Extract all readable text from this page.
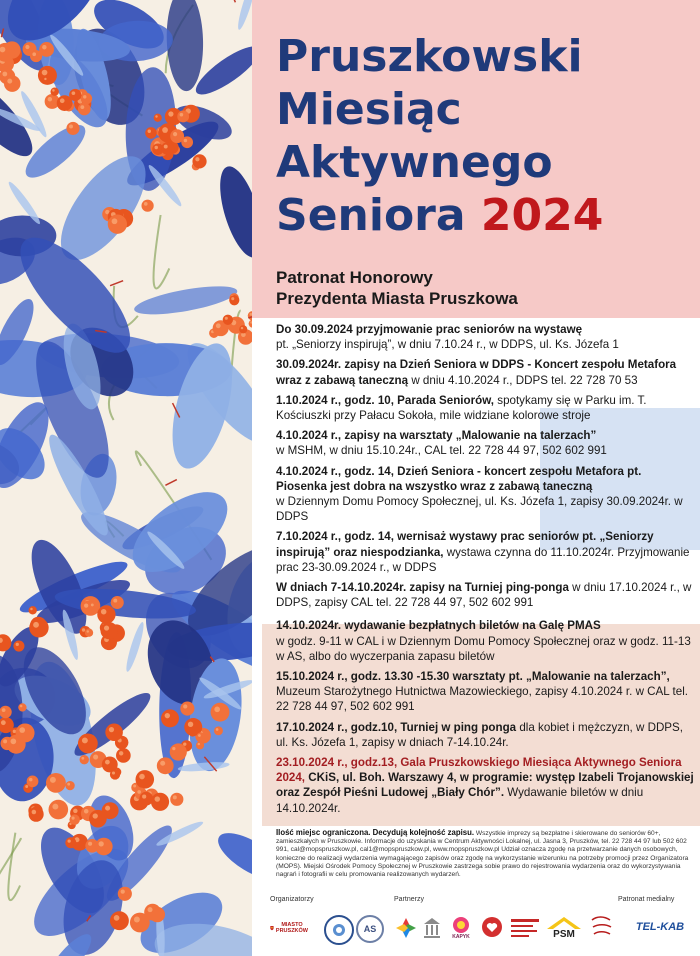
Pruszkowski
Miesiąc
Aktywnego
Seniora 2024
Patronat Honorowy
Prezydenta Miasta Pruszkowa

Do 30.09.2024 przyjmowanie prac seniorów na wystawę
pt. „Seniorzy inspirują”, w dniu 7.10.24 r., w DDPS, ul. Ks. Józefa 1

30.09.2024r. zapisy na Dzień Seniora w DDPS - Koncert zespołu Metafora wraz z zabawą taneczną w dniu 4.10.2024 r., DDPS tel. 22 728 70 53

1.10.2024 r., godz. 10, Parada Seniorów, spotykamy się w Parku im. T. Kościuszki przy Pałacu Sokoła, mile widziane kolorowe stroje

4.10.2024 r., zapisy na warsztaty „Malowanie na talerzach”
w MSHM, w dniu 15.10.24r., CAL tel. 22 728 44 97, 502 602 991

4.10.2024 r., godz. 14, Dzień Seniora - koncert zespołu Metafora pt. Piosenka jest dobra na wszystko wraz z zabawą taneczną
w Dziennym Domu Pomocy Społecznej, ul. Ks. Józefa 1, zapisy 30.09.2024r. w DDPS

7.10.2024 r., godz. 14, wernisaż wystawy prac seniorów pt. „Seniorzy inspirują” oraz niespodzianka, wystawa czynna do 11.10.2024r. Przyjmowanie prac 23-30.09.2024 r., w DDPS

W dniach 7-14.10.2024r. zapisy na Turniej ping-ponga w dniu 17.10.2024 r., w DDPS, zapisy CAL tel. 22 728 44 97, 502 602 991

14.10.2024r. wydawanie bezpłatnych biletów na Galę PMAS
w godz. 9-11 w CAL i w Dziennym Domu Pomocy Społecznej oraz w godz. 11-13 w AS, albo do wyczerpania zapasu biletów

15.10.2024 r., godz. 13.30 -15.30 warsztaty pt. „Malowanie na talerzach”, Muzeum Starożytnego Hutnictwa Mazowieckiego, zapisy 4.10.2024 r. w CAL tel. 22 728 44 97, 502 602 991

17.10.2024 r., godz.10, Turniej w ping ponga dla kobiet i mężczyzn, w DDPS, ul. Ks. Józefa 1, zapisy w dniach 7-14.10.24r.

23.10.2024 r., godz.13, Gala Pruszkowskiego Miesiąca Aktywnego Seniora 2024, CKiS, ul. Boh. Warszawy 4, w programie: występ Izabeli Trojanowskiej oraz Zespół Pieśni Ludowej „Biały Chór”. Wydawanie biletów w dniu 14.10.2024r.

Ilość miejsc ograniczona. Decydują kolejność zapisu. Wszystkie imprezy są bezpłatne i skierowane do seniorów 60+, zamieszkałych w Pruszkowie. Informacje do uzyskania w Centrum Aktywności Lokalnej, ul. Jasna 3, Pruszków, tel. 22 728 44 97 lub 502 602 991, cal@mopspruszkow.pl, cal1@mopspruszkow.pl, www.mopspruszkow.pl Udział oznacza zgodę na przetwarzanie danych osobowych, konieczne do realizacji wydarzenia wymagającego zapisów oraz zgodę na wykorzystanie wizerunku na potrzeby promocji przez Organizatora (MOPS). Miejski Ośrodek Pomocy Społecznej w Pruszkowie zastrzega sobie prawo do rejestrowania wydarzenia oraz do wykorzystywania nagrań i fotografii w celu promowania realizowanych wydarzeń.
Organizatorzy	Partnerzy	Patronat medialny
MIASTO PRUSZKÓW	AS
KAPYK	PSM
TEL-KAB
